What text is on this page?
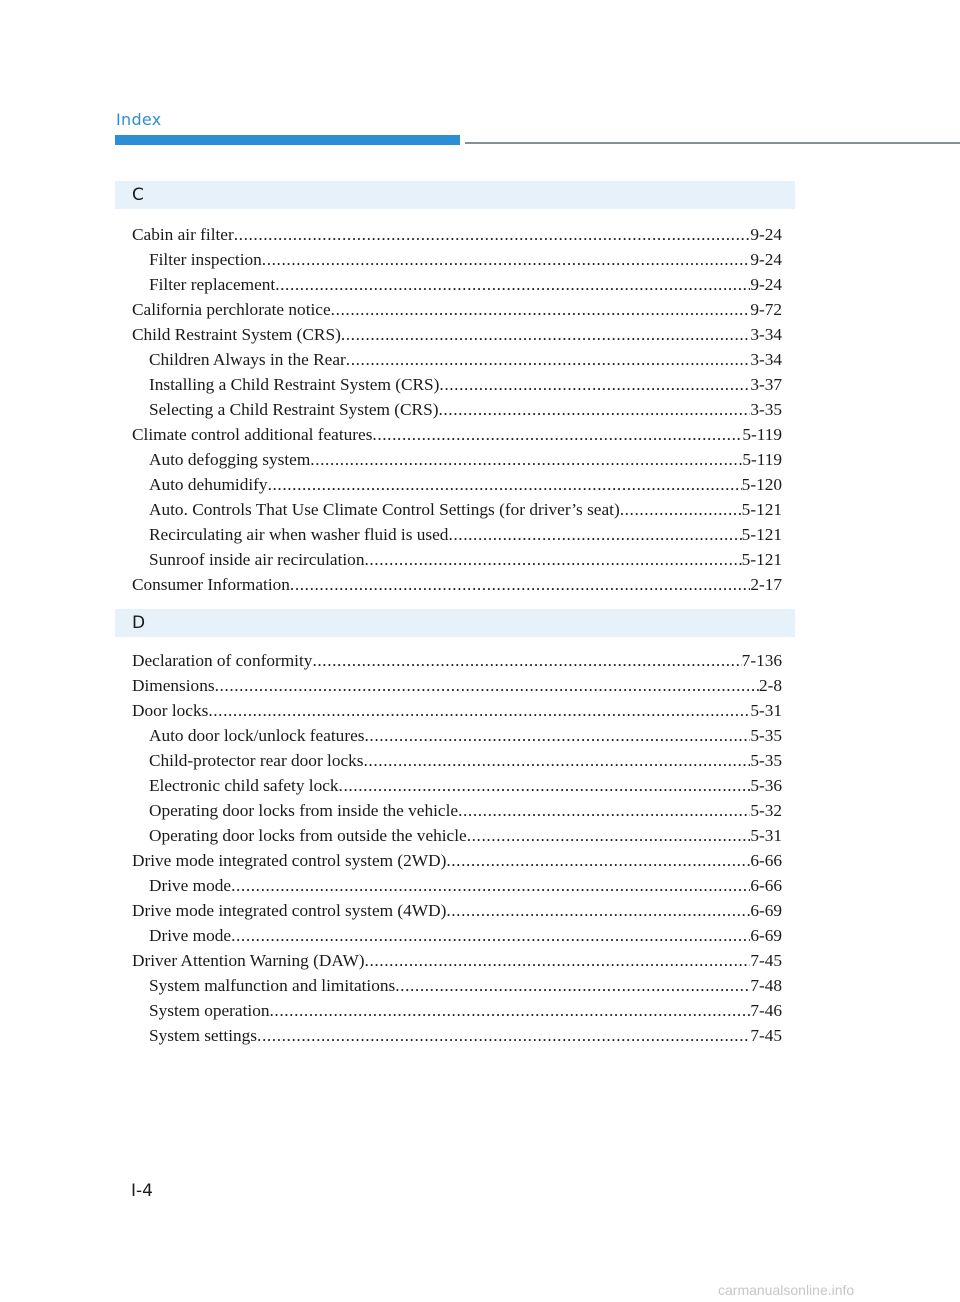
Index
C
Cabin air filter .....	9-24
Filter inspection .....	9-24
Filter replacement .....	9-24
California perchlorate notice .....	9-72
Child Restraint System (CRS) .....	3-34
Children Always in the Rear .....	3-34
Installing a Child Restraint System (CRS) .....	3-37
Selecting a Child Restraint System (CRS) .....	3-35
Climate control additional features .....	5-119
Auto defogging system .....	5-119
Auto dehumidify .....	5-120
Auto. Controls That Use Climate Control Settings (for driver’s seat) .....	5-121
Recirculating air when washer fluid is used .....	5-121
Sunroof inside air recirculation .....	5-121
Consumer Information .....	2-17
D
Declaration of conformity .....	7-136
Dimensions .....	2-8
Door locks .....	5-31
Auto door lock/unlock features .....	5-35
Child-protector rear door locks .....	5-35
Electronic child safety lock .....	5-36
Operating door locks from inside the vehicle .....	5-32
Operating door locks from outside the vehicle .....	5-31
Drive mode integrated control system (2WD) .....	6-66
Drive mode .....	6-66
Drive mode integrated control system (4WD) .....	6-69
Drive mode .....	6-69
Driver Attention Warning (DAW) .....	7-45
System malfunction and limitations .....	7-48
System operation .....	7-46
System settings .....	7-45
I-4
carmanualsonline.info
